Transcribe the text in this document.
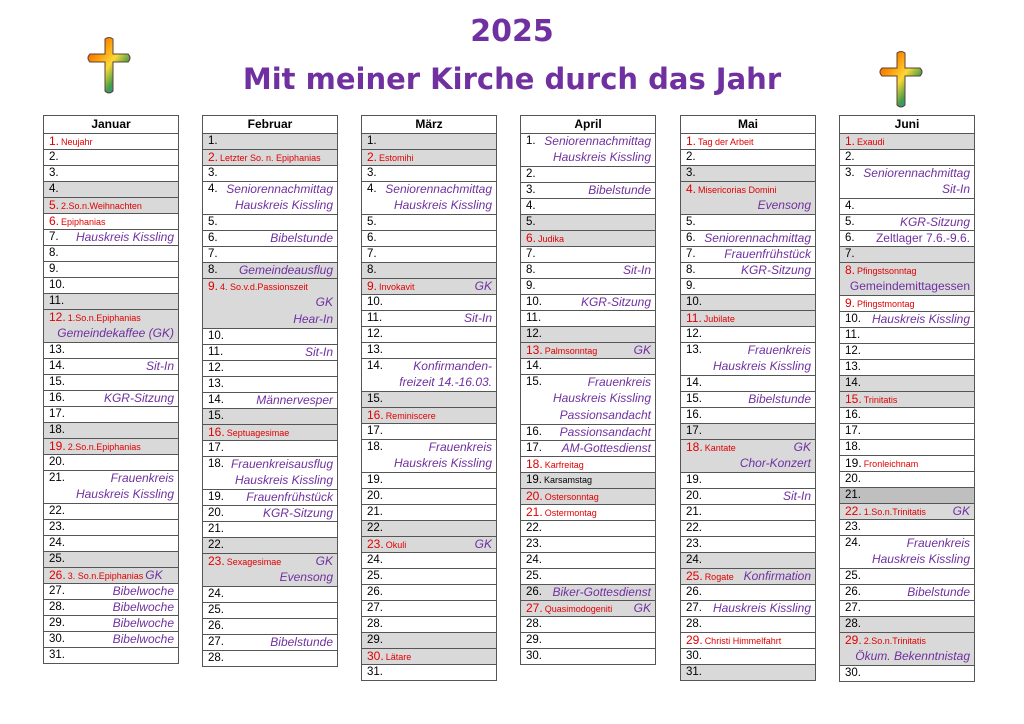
2025
Mit meiner Kirche durch das Jahr
Januar
1. Neujahr
2.
3.
4.
5. 2.So.n.Weihnachten
6. Epiphanias
7. Hauskreis Kissling
8.
9.
10.
11.
12. 1.So.n.Epiphanias
Gemeindekaffee (GK)
13.
14.	Sit-In
15.
16.	KGR-Sitzung
17.
18.
19. 2.So.n.Epiphanias
20.
21.	Frauenkreis
Hauskreis Kissling
22.
23.
24.
25.
26. 3. So.n.Epiphanias GK
27.	Bibelwoche
28.	Bibelwoche
29.	Bibelwoche
30.	Bibelwoche
31.
Februar
1.
2. Letzter So. n. Epiphanias
3.
4. Seniorennachmittag
Hauskreis Kissling
5.
6.	Bibelstunde
7.
8. Gemeindeausflug
9. 4. So.v.d.Passionszeit
GK
Hear-In
10.
11.	Sit-In
12.
13.
14.	Männervesper
15.
16. Septuagesimae
17.
18. Frauenkreisausflug
Hauskreis Kissling
19. Frauenfrühstück
20.	KGR-Sitzung
21.
22.
23. Sexagesimae	GK
Evensong
24.
25.
26.
27.	Bibelstunde
28.
März
1.
2. Estomihi
3.
4. Seniorennachmittag
Hauskreis Kissling
5.
6.
7.
8.
9. Invokavit	GK
10.
11.	Sit-In
12.
13.
14.	Konfirmanden-
freizeit 14.-16.03.
15.
16. Reminiscere
17.
18.	Frauenkreis
Hauskreis Kissling
19.
20.
21.
22.
23. Okuli	GK
24.
25.
26.
27.
28.
29.
30. Lätare
31.
April
1. Seniorennachmittag
Hauskreis Kissling
2.
3.	Bibelstunde
4.
5.
6. Judika
7.
8.	Sit-In
9.
10.	KGR-Sitzung
11.
12.
13. Palmsonntag	GK
14.
15.	Frauenkreis
Hauskreis Kissling
Passionsandacht
16. Passionsandacht
17. AM-Gottesdienst
18. Karfreitag
19. Karsamstag
20. Ostersonntag
21. Ostermontag
22.
23.
24.
25.
26. Biker-Gottesdienst
27. Quasimodogeniti GK
28.
29.
30.
Mai
1. Tag der Arbeit
2.
3.
4. Misericorias Domini
Evensong
5.
6. Seniorennachmittag
7. Frauenfrühstück
8.	KGR-Sitzung
9.
10.
11. Jubilate
12.
13.	Frauenkreis
Hauskreis Kissling
14.
15.	Bibelstunde
16.
17.
18. Kantate	GK
Chor-Konzert
19.
20.	Sit-In
21.
22.
23.
24.
25. Rogate Konfirmation
26.
27. Hauskreis Kissling
28.
29. Christi Himmelfahrt
30.
31.
Juni
1. Exaudi
2.
3. Seniorennachmittag
Sit-In
4.
5.	KGR-Sitzung
6. Zeltlager 7.6.-9.6.
7.
8. Pfingstsonntag
Gemeindemittagessen
9. Pfingstmontag
10. Hauskreis Kissling
11.
12.
13.
14.
15. Trinitatis
16.
17.
18.
19. Fronleichnam
20.
21.
22. 1.So.n.Trinitatis GK
23.
24.	Frauenkreis
Hauskreis Kissling
25.
26.	Bibelstunde
27.
28.
29. 2.So.n.Trinitatis
Ökum. Bekenntnistag
30.
